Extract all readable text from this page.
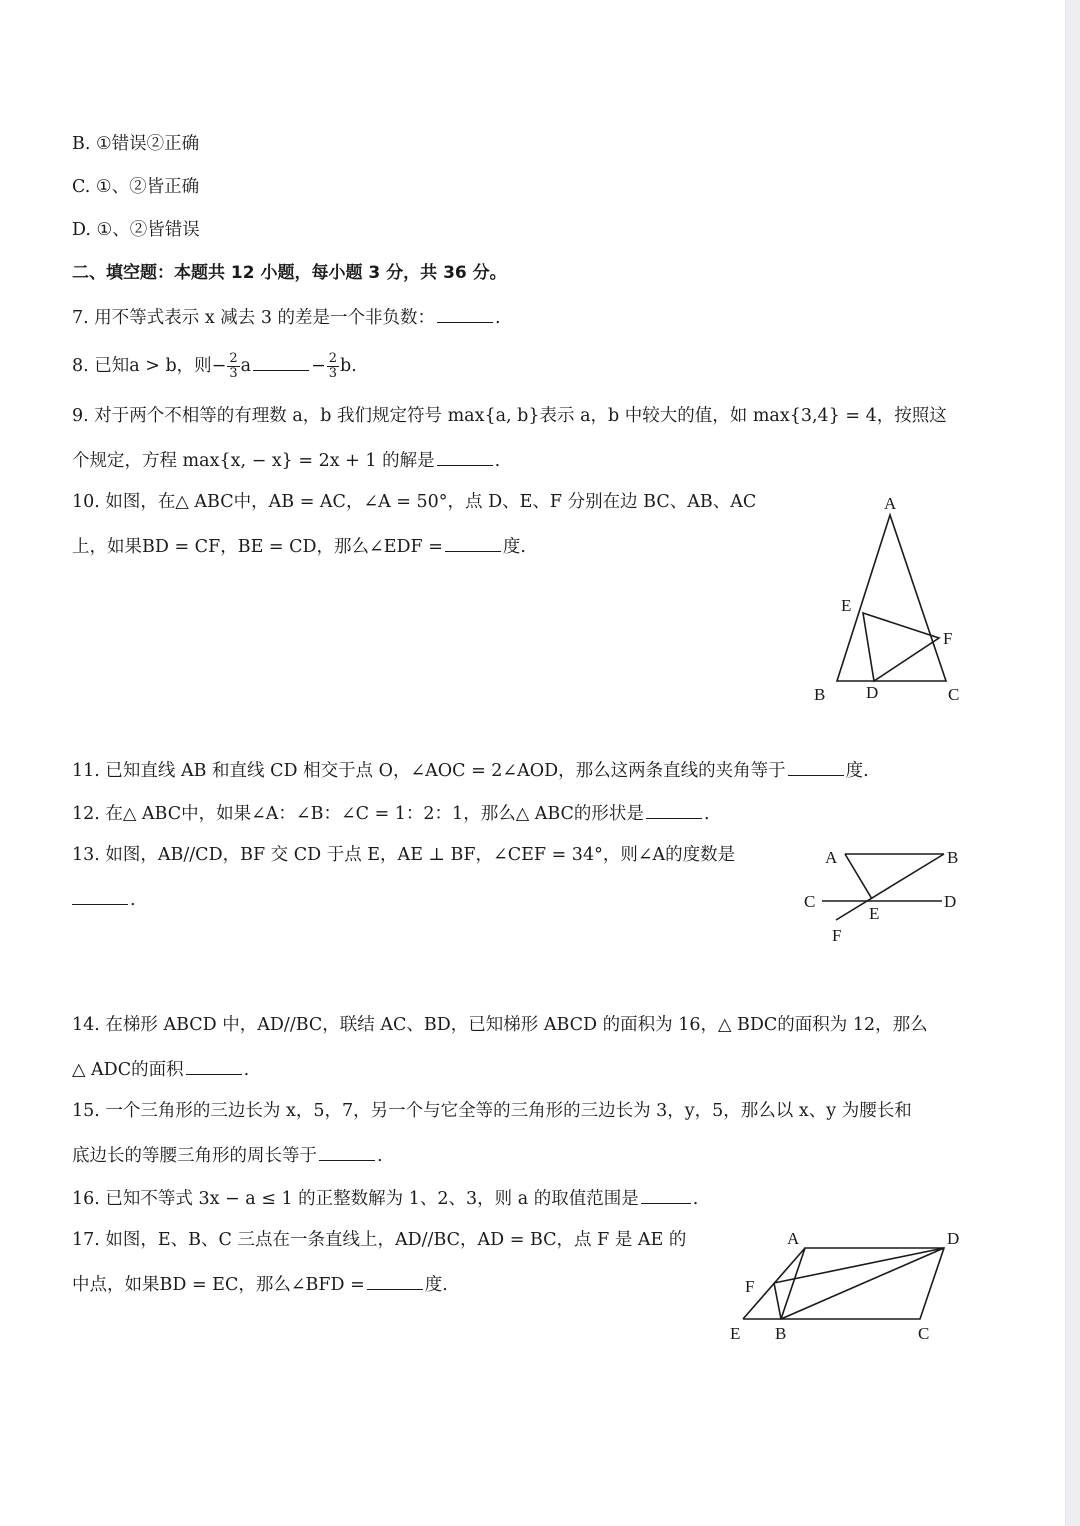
B. ①错误②正确
C. ①、②皆正确
D. ①、②皆错误
二、填空题：本题共 12 小题，每小题 3 分，共 36 分。
7. 用不等式表示 x 减去 3 的差是一个非负数：	.
8. 已知a > b，则− $\frac{2}{3}$ a	− $\frac{2}{3} b$.
9. 对于两个不相等的有理数 a，b 我们规定符号 max{a, b}表示 a，b 中较大的值，如 max{3,4} = 4，按照这
个规定，方程 max{x, − x} = 2x + 1 的解是	.
10. 如图，在△ ABC中，AB = AC，∠A = 50°，点 D、E、F 分别在边 BC、AB、AC
上，如果BD = CF，BE = CD，那么∠EDF =	度.
A
B	C
D
E
F
11. 已知直线 AB 和直线 CD 相交于点 O，∠AOC = 2∠AOD，那么这两条直线的夹角等于	度.
12. 在△ ABC中，如果∠A：∠B：∠C = 1：2：1，那么△ ABC的形状是	.
13. 如图，AB//CD，BF 交 CD 于点 E，AE ⊥ BF，∠CEF = 34°，则∠A的度数是
.
A	B
C	D
E
F
14. 在梯形 ABCD 中，AD//BC，联结 AC、BD，已知梯形 ABCD 的面积为 16，△ BDC的面积为 12，那么
△ ADC的面积	.
15. 一个三角形的三边长为 x，5，7，另一个与它全等的三角形的三边长为 3，y，5，那么以 x、y 为腰长和
底边长的等腰三角形的周长等于	.
16. 已知不等式 3x − a ≤ 1 的正整数解为 1、2、3，则 a 的取值范围是	.
17. 如图，E、B、C 三点在一条直线上，AD//BC，AD = BC，点 F 是 AE 的
中点，如果BD = EC，那么∠BFD =	度.
A	D
F
E B	C
